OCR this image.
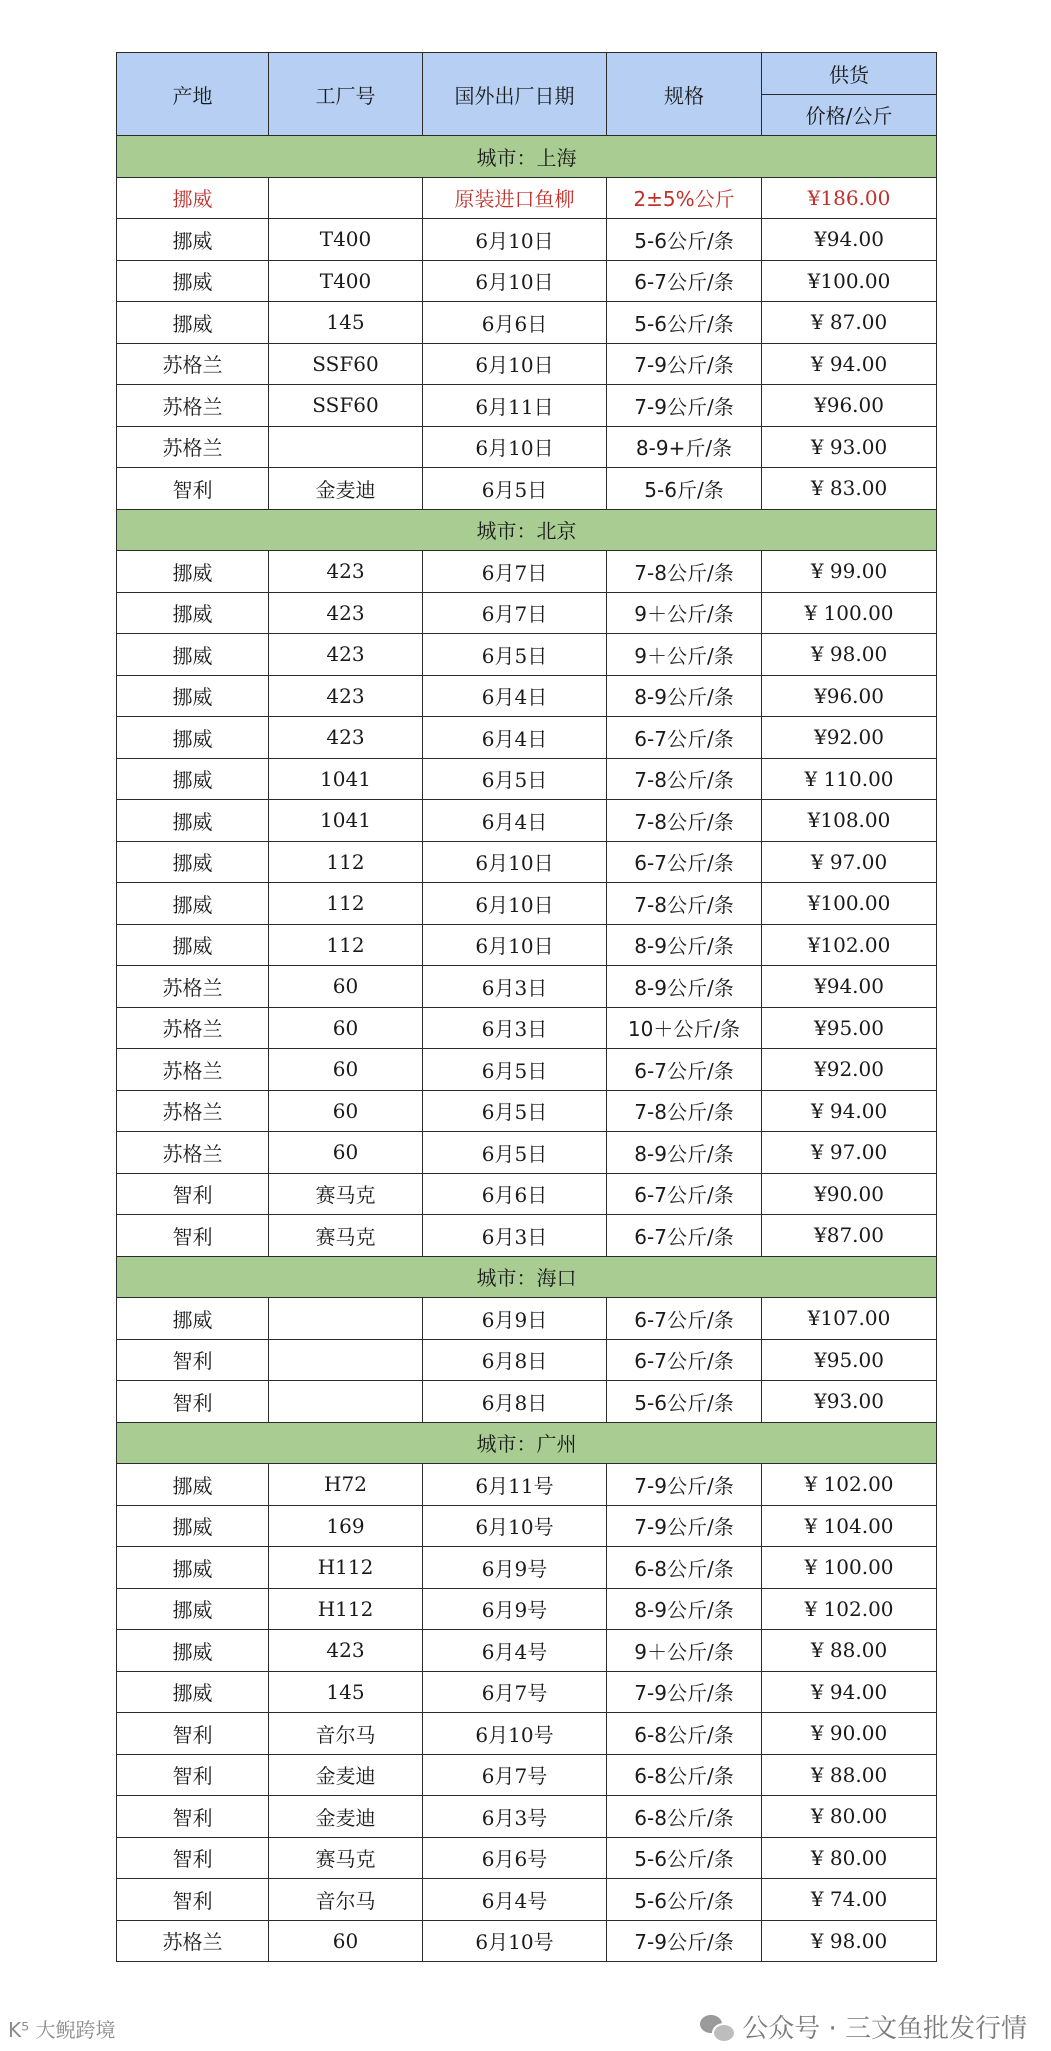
产地	工厂号	国外出厂日期	规格	供货
				价格/公斤
城市：上海				
挪威		原装进口鱼柳	2±5%公斤	¥186.00
挪威	T400	6月10日	5-6公斤/条	¥94.00
挪威	T400	6月10日	6-7公斤/条	¥100.00
挪威	145	6月6日	5-6公斤/条	¥ 87.00
苏格兰	SSF60	6月10日	7-9公斤/条	¥ 94.00
苏格兰	SSF60	6月11日	7-9公斤/条	¥96.00
苏格兰		6月10日	8-9+斤/条	¥ 93.00
智利	金麦迪	6月5日	5-6斤/条	¥ 83.00
城市：北京				
挪威	423	6月7日	7-8公斤/条	¥ 99.00
挪威	423	6月7日	9＋公斤/条	¥ 100.00
挪威	423	6月5日	9＋公斤/条	¥ 98.00
挪威	423	6月4日	8-9公斤/条	¥96.00
挪威	423	6月4日	6-7公斤/条	¥92.00
挪威	1041	6月5日	7-8公斤/条	¥ 110.00
挪威	1041	6月4日	7-8公斤/条	¥108.00
挪威	112	6月10日	6-7公斤/条	¥ 97.00
挪威	112	6月10日	7-8公斤/条	¥100.00
挪威	112	6月10日	8-9公斤/条	¥102.00
苏格兰	60	6月3日	8-9公斤/条	¥94.00
苏格兰	60	6月3日	10＋公斤/条	¥95.00
苏格兰	60	6月5日	6-7公斤/条	¥92.00
苏格兰	60	6月5日	7-8公斤/条	¥ 94.00
苏格兰	60	6月5日	8-9公斤/条	¥ 97.00
智利	赛马克	6月6日	6-7公斤/条	¥90.00
智利	赛马克	6月3日	6-7公斤/条	¥87.00
城市：海口				
挪威		6月9日	6-7公斤/条	¥107.00
智利		6月8日	6-7公斤/条	¥95.00
智利		6月8日	5-6公斤/条	¥93.00
城市：广州				
挪威	H72	6月11号	7-9公斤/条	¥ 102.00
挪威	169	6月10号	7-9公斤/条	¥ 104.00
挪威	H112	6月9号	6-8公斤/条	¥ 100.00
挪威	H112	6月9号	8-9公斤/条	¥ 102.00
挪威	423	6月4号	9＋公斤/条	¥ 88.00
挪威	145	6月7号	7-9公斤/条	¥ 94.00
智利	音尔马	6月10号	6-8公斤/条	¥ 90.00
智利	金麦迪	6月7号	6-8公斤/条	¥ 88.00
智利	金麦迪	6月3号	6-8公斤/条	¥ 80.00
智利	赛马克	6月6号	5-6公斤/条	¥ 80.00
智利	音尔马	6月4号	5-6公斤/条	¥ 74.00
苏格兰	60	6月10号	7-9公斤/条	¥ 98.00
K⁵ 大鲵跨境	公众号 · 三文鱼批发行情
